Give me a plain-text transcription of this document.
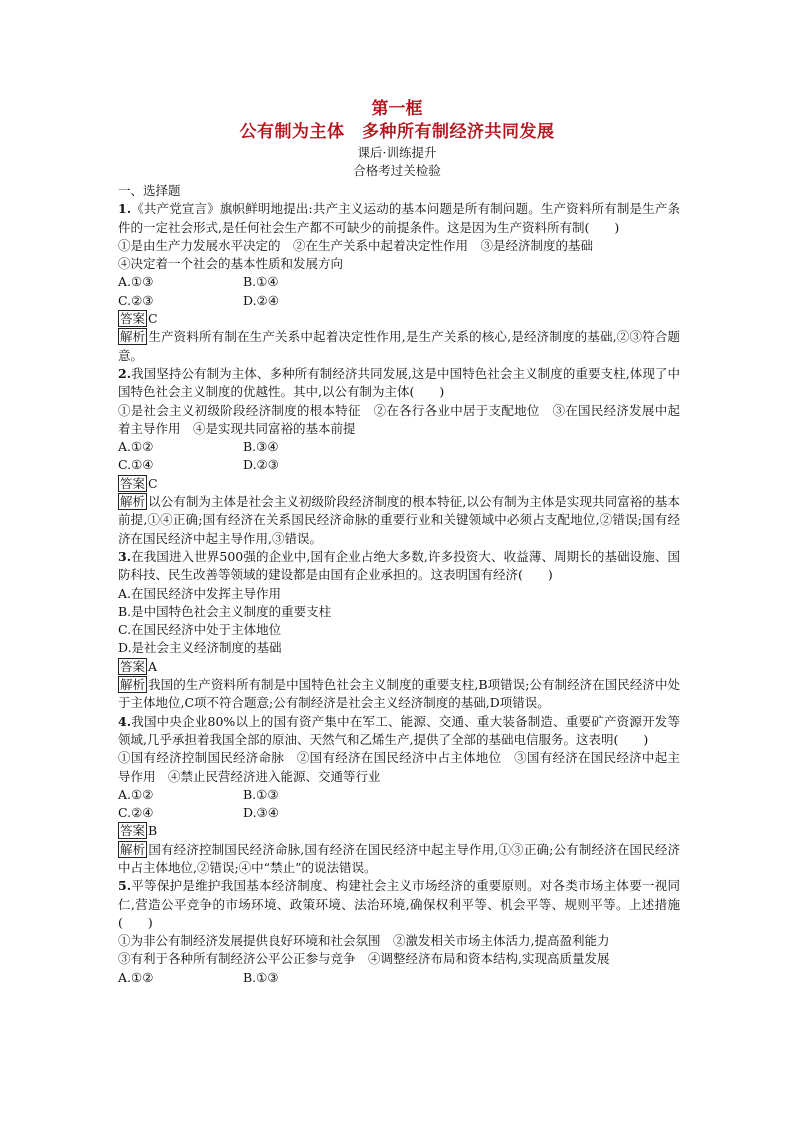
第一框
公有制为主体　多种所有制经济共同发展
课后·训练提升
合格考过关检验

一、选择题

1.《共产党宣言》旗帜鲜明地提出:共产主义运动的基本问题是所有制问题。生产资料所有制是生产条件的一定社会形式,是任何社会生产都不可缺少的前提条件。这是因为生产资料所有制(　　)

①是由生产力发展水平决定的　②在生产关系中起着决定性作用　③是经济制度的基础

④决定着一个社会的基本性质和发展方向

A.①③	B.①④
C.②③	D.②④

答案 C

解析 生产资料所有制在生产关系中起着决定性作用,是生产关系的核心,是经济制度的基础,②③符合题意。

2.我国坚持公有制为主体、多种所有制经济共同发展,这是中国特色社会主义制度的重要支柱,体现了中国特色社会主义制度的优越性。其中,以公有制为主体(　　)

①是社会主义初级阶段经济制度的根本特征　②在各行各业中居于支配地位　③在国民经济发展中起着主导作用　④是实现共同富裕的基本前提

A.①②	B.③④
C.①④	D.②③

答案 C

解析 以公有制为主体是社会主义初级阶段经济制度的根本特征,以公有制为主体是实现共同富裕的基本前提,①④正确;国有经济在关系国民经济命脉的重要行业和关键领域中必须占支配地位,②错误;国有经济在国民经济中起主导作用,③错误。

3.在我国进入世界500强的企业中,国有企业占绝大多数,许多投资大、收益薄、周期长的基础设施、国防科技、民生改善等领域的建设都是由国有企业承担的。这表明国有经济(　　)

A.在国民经济中发挥主导作用

B.是中国特色社会主义制度的重要支柱

C.在国民经济中处于主体地位

D.是社会主义经济制度的基础

答案 A

解析 我国的生产资料所有制是中国特色社会主义制度的重要支柱,B项错误;公有制经济在国民经济中处于主体地位,C项不符合题意;公有制经济是社会主义经济制度的基础,D项错误。

4.我国中央企业80%以上的国有资产集中在军工、能源、交通、重大装备制造、重要矿产资源开发等领域,几乎承担着我国全部的原油、天然气和乙烯生产,提供了全部的基础电信服务。这表明(　　)

①国有经济控制国民经济命脉　②国有经济在国民经济中占主体地位　③国有经济在国民经济中起主导作用　④禁止民营经济进入能源、交通等行业

A.①②	B.①③
C.②④	D.③④

答案 B

解析 国有经济控制国民经济命脉,国有经济在国民经济中起主导作用,①③正确;公有制经济在国民经济中占主体地位,②错误;④中“禁止”的说法错误。

5.平等保护是维护我国基本经济制度、构建社会主义市场经济的重要原则。对各类市场主体要一视同仁,营造公平竞争的市场环境、政策环境、法治环境,确保权利平等、机会平等、规则平等。上述措施(　　)

①为非公有制经济发展提供良好环境和社会氛围　②激发相关市场主体活力,提高盈利能力

③有利于各种所有制经济公平公正参与竞争　④调整经济布局和资本结构,实现高质量发展

A.①②	B.①③
